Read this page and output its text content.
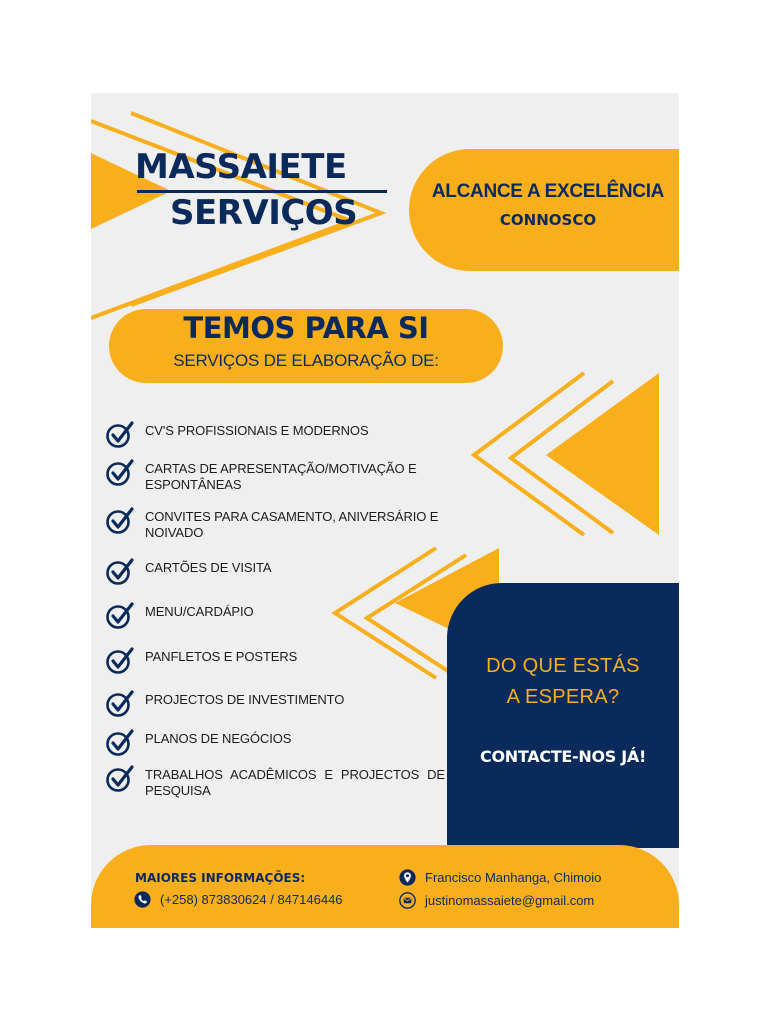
MASSAIETE
SERVIÇOS
ALCANCE A EXCELÊNCIA
CONNOSCO
TEMOS PARA SI
SERVIÇOS DE ELABORAÇÃO DE:
CV'S PROFISSIONAIS E MODERNOS
CARTAS DE APRESENTAÇÃO/MOTIVAÇÃO E ESPONTÂNEAS
CONVITES PARA CASAMENTO, ANIVERSÁRIO E NOIVADO
CARTÕES DE VISITA
MENU/CARDÁPIO
PANFLETOS E POSTERS
PROJECTOS DE INVESTIMENTO
PLANOS DE NEGÓCIOS
TRABALHOS ACADÊMICOS E PROJECTOS DE PESQUISA
DO QUE ESTÁS
A ESPERA?
CONTACTE-NOS JÁ!
MAIORES INFORMAÇÕES:
(+258) 873830624 / 847146446
Francisco Manhanga, Chimoio
justinomassaiete@gmail.com
